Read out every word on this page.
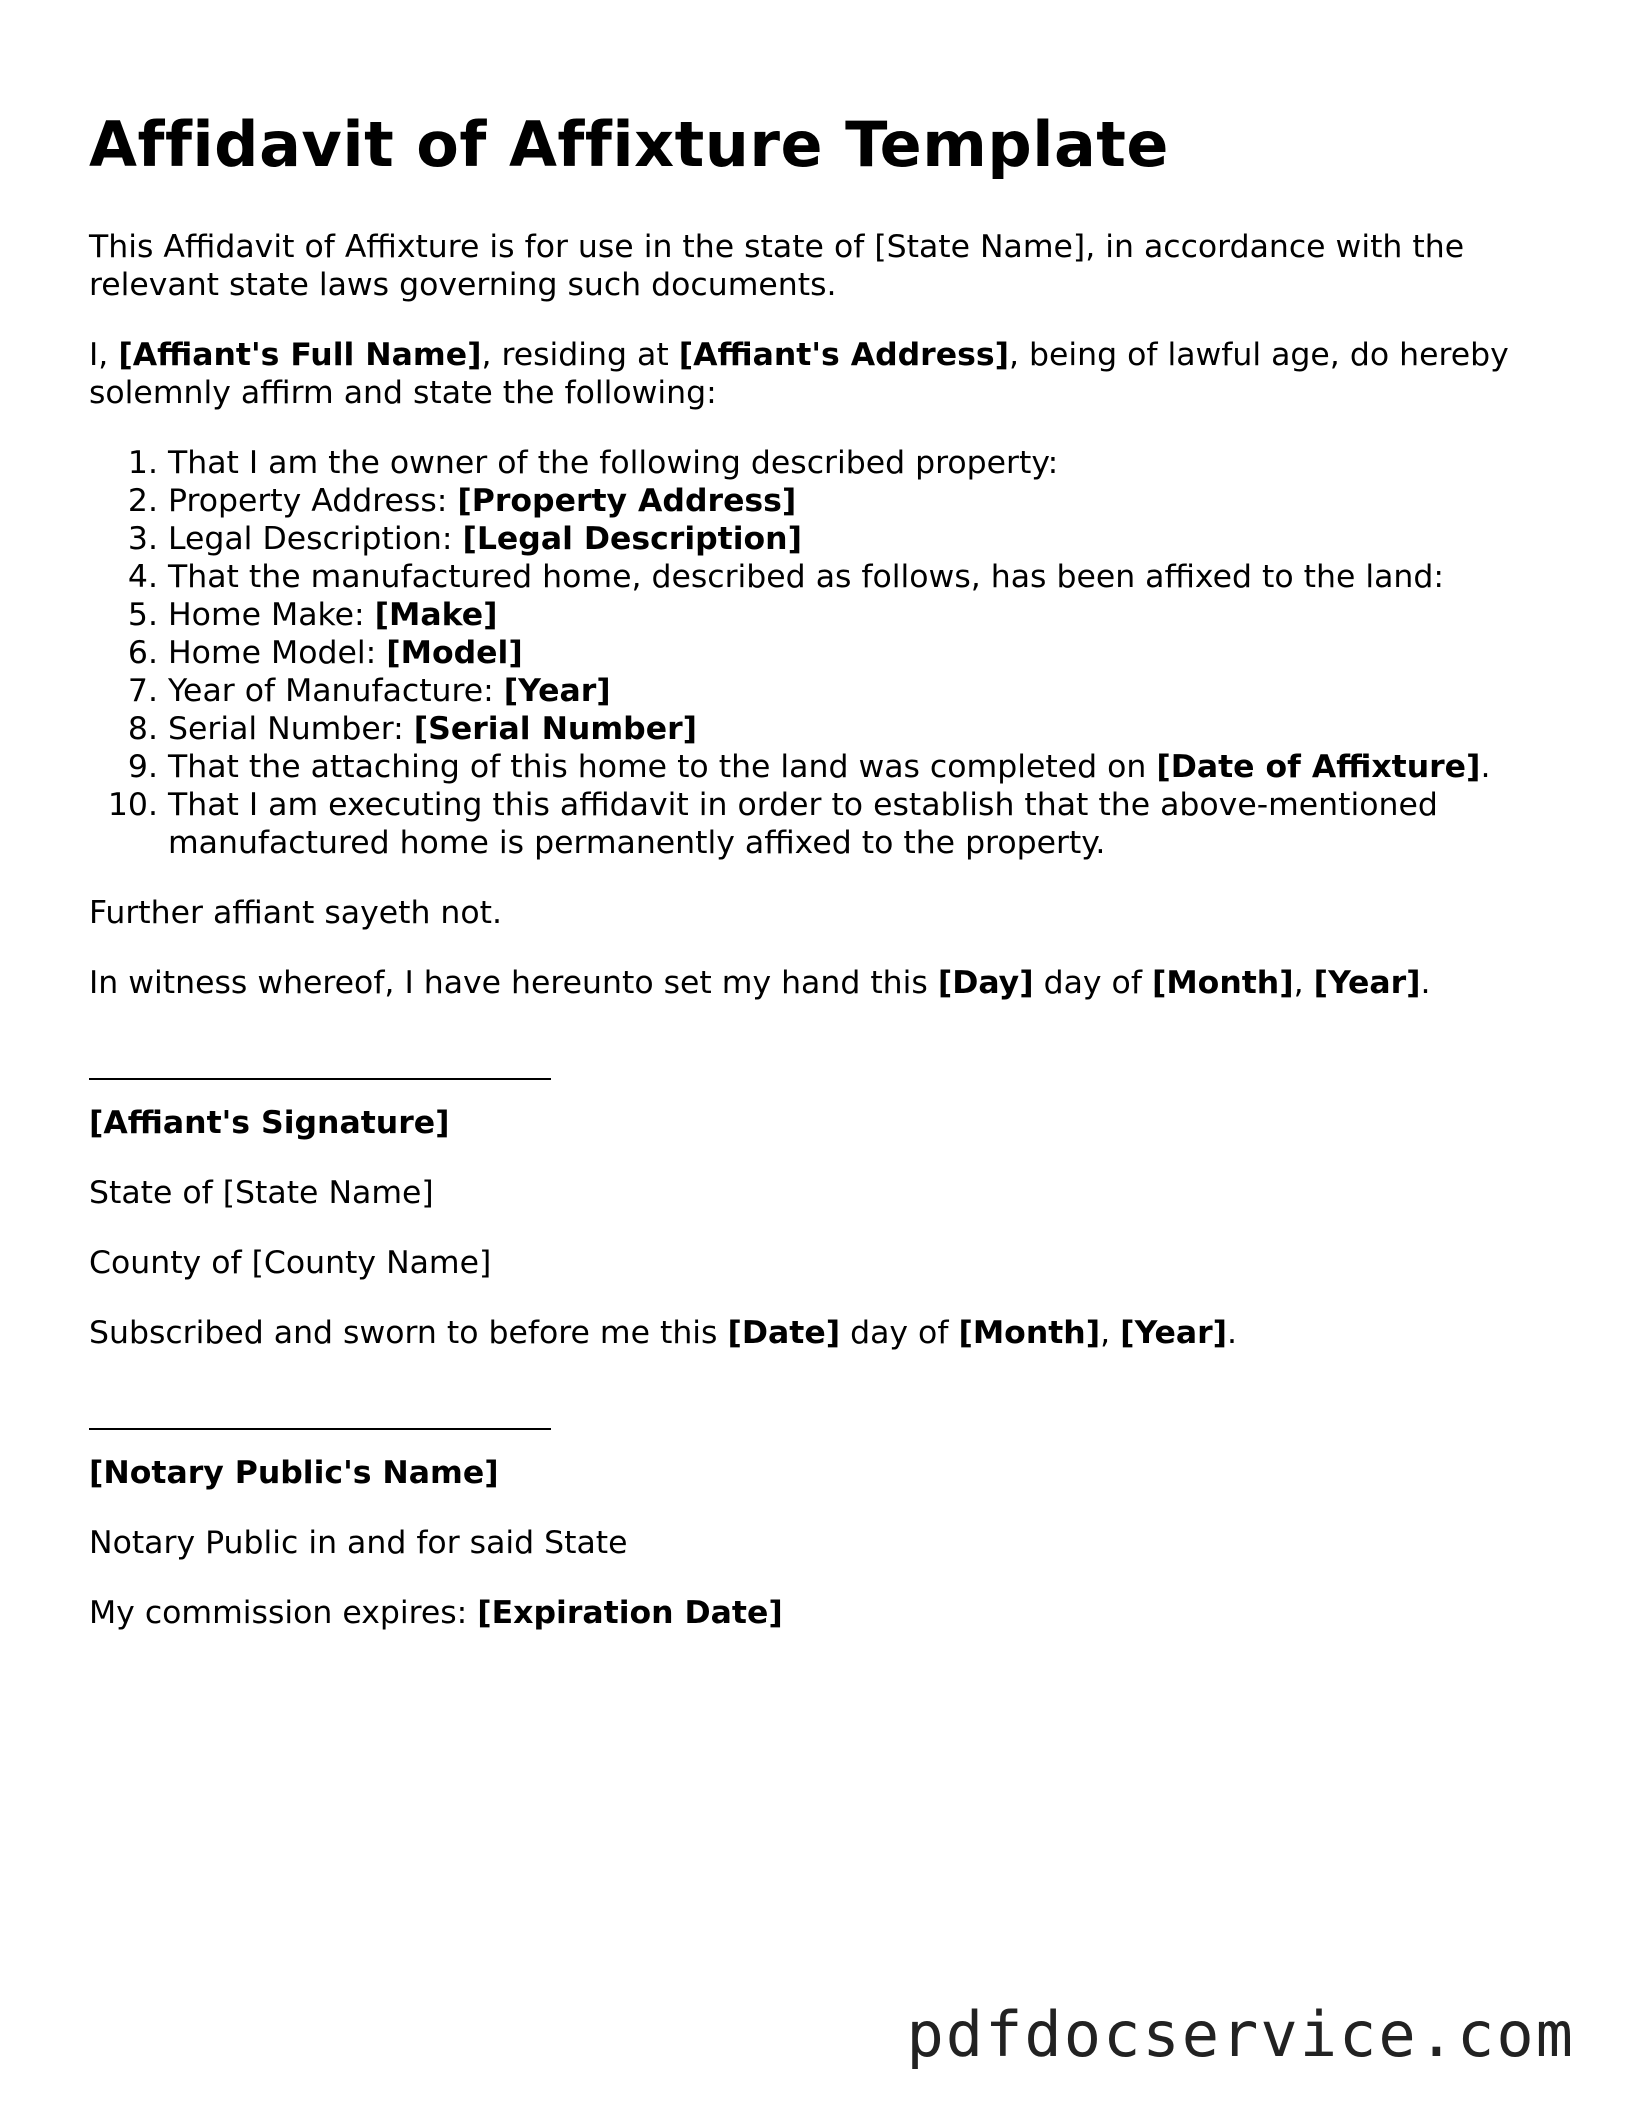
Affidavit of Affixture Template

This Affidavit of Affixture is for use in the state of [State Name], in accordance with the relevant state laws governing such documents.

I, [Affiant's Full Name], residing at [Affiant's Address], being of lawful age, do hereby solemnly affirm and state the following:

1. That I am the owner of the following described property:
2. Property Address: [Property Address]
3. Legal Description: [Legal Description]
4. That the manufactured home, described as follows, has been affixed to the land:
5. Home Make: [Make]
6. Home Model: [Model]
7. Year of Manufacture: [Year]
8. Serial Number: [Serial Number]
9. That the attaching of this home to the land was completed on [Date of Affixture].
10. That I am executing this affidavit in order to establish that the above-mentioned manufactured home is permanently affixed to the property.

Further affiant sayeth not.

In witness whereof, I have hereunto set my hand this [Day] day of [Month], [Year].

[Affiant's Signature]

State of [State Name]

County of [County Name]

Subscribed and sworn to before me this [Date] day of [Month], [Year].

[Notary Public's Name]

Notary Public in and for said State

My commission expires: [Expiration Date]

pdfdocservice.com
